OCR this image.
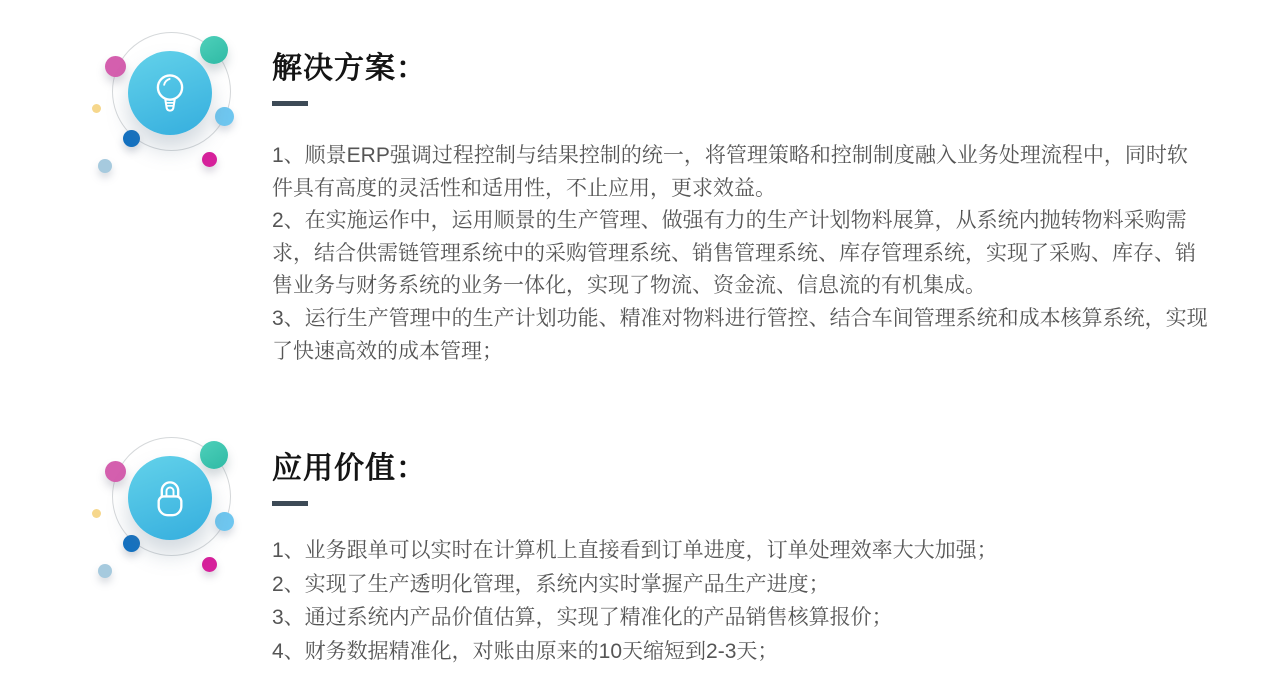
解决方案：

1、顺景ERP强调过程控制与结果控制的统一，将管理策略和控制制度融入业务处理流程中，同时软件具有高度的灵活性和适用性，不止应用，更求效益。

2、在实施运作中，运用顺景的生产管理、做强有力的生产计划物料展算，从系统内抛转物料采购需求，结合供需链管理系统中的采购管理系统、销售管理系统、库存管理系统，实现了采购、库存、销售业务与财务系统的业务一体化，实现了物流、资金流、信息流的有机集成。

3、运行生产管理中的生产计划功能、精准对物料进行管控、结合车间管理系统和成本核算系统，实现了快速高效的成本管理；

应用价值：

1、业务跟单可以实时在计算机上直接看到订单进度，订单处理效率大大加强；

2、实现了生产透明化管理，系统内实时掌握产品生产进度；

3、通过系统内产品价值估算，实现了精准化的产品销售核算报价；

4、财务数据精准化，对账由原来的10天缩短到2-3天；
